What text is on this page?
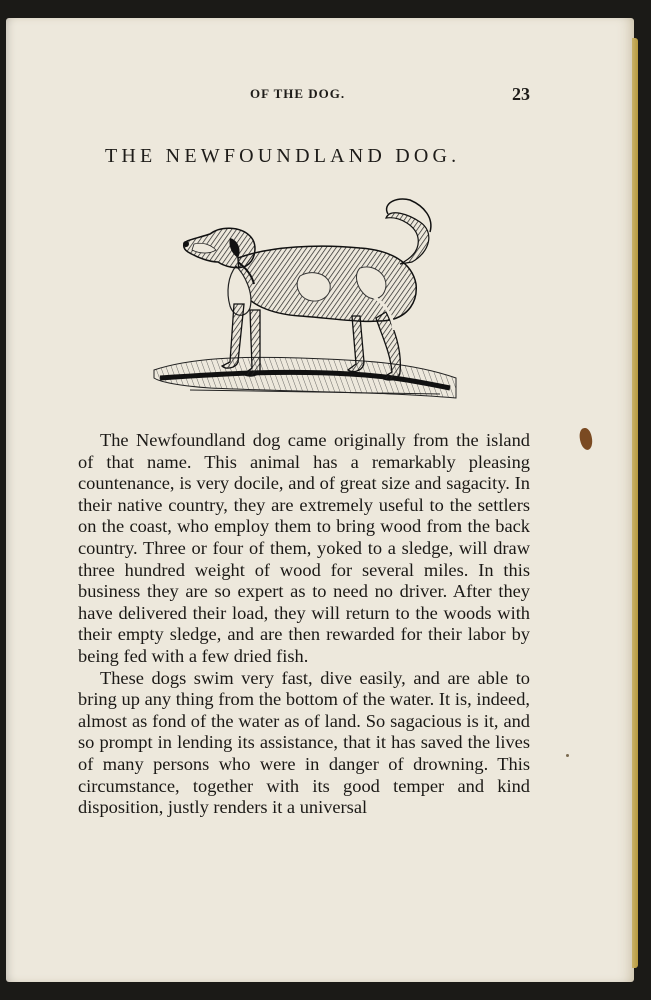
OF THE DOG.	23
THE NEWFOUNDLAND DOG.

The Newfoundland dog came originally from the island of that name. This animal has a remarkably pleasing countenance, is very docile, and of great size and sagacity. In their native country, they are extremely useful to the settlers on the coast, who employ them to bring wood from the back country. Three or four of them, yoked to a sledge, will draw three hundred weight of wood for several miles. In this business they are so expert as to need no driver. After they have delivered their load, they will return to the woods with their empty sledge, and are then rewarded for their labor by being fed with a few dried fish.

These dogs swim very fast, dive easily, and are able to bring up any thing from the bottom of the water. It is, indeed, almost as fond of the water as of land. So sagacious is it, and so prompt in lending its assistance, that it has saved the lives of many persons who were in danger of drowning. This circumstance, together with its good temper and kind disposition, justly renders it a universal
